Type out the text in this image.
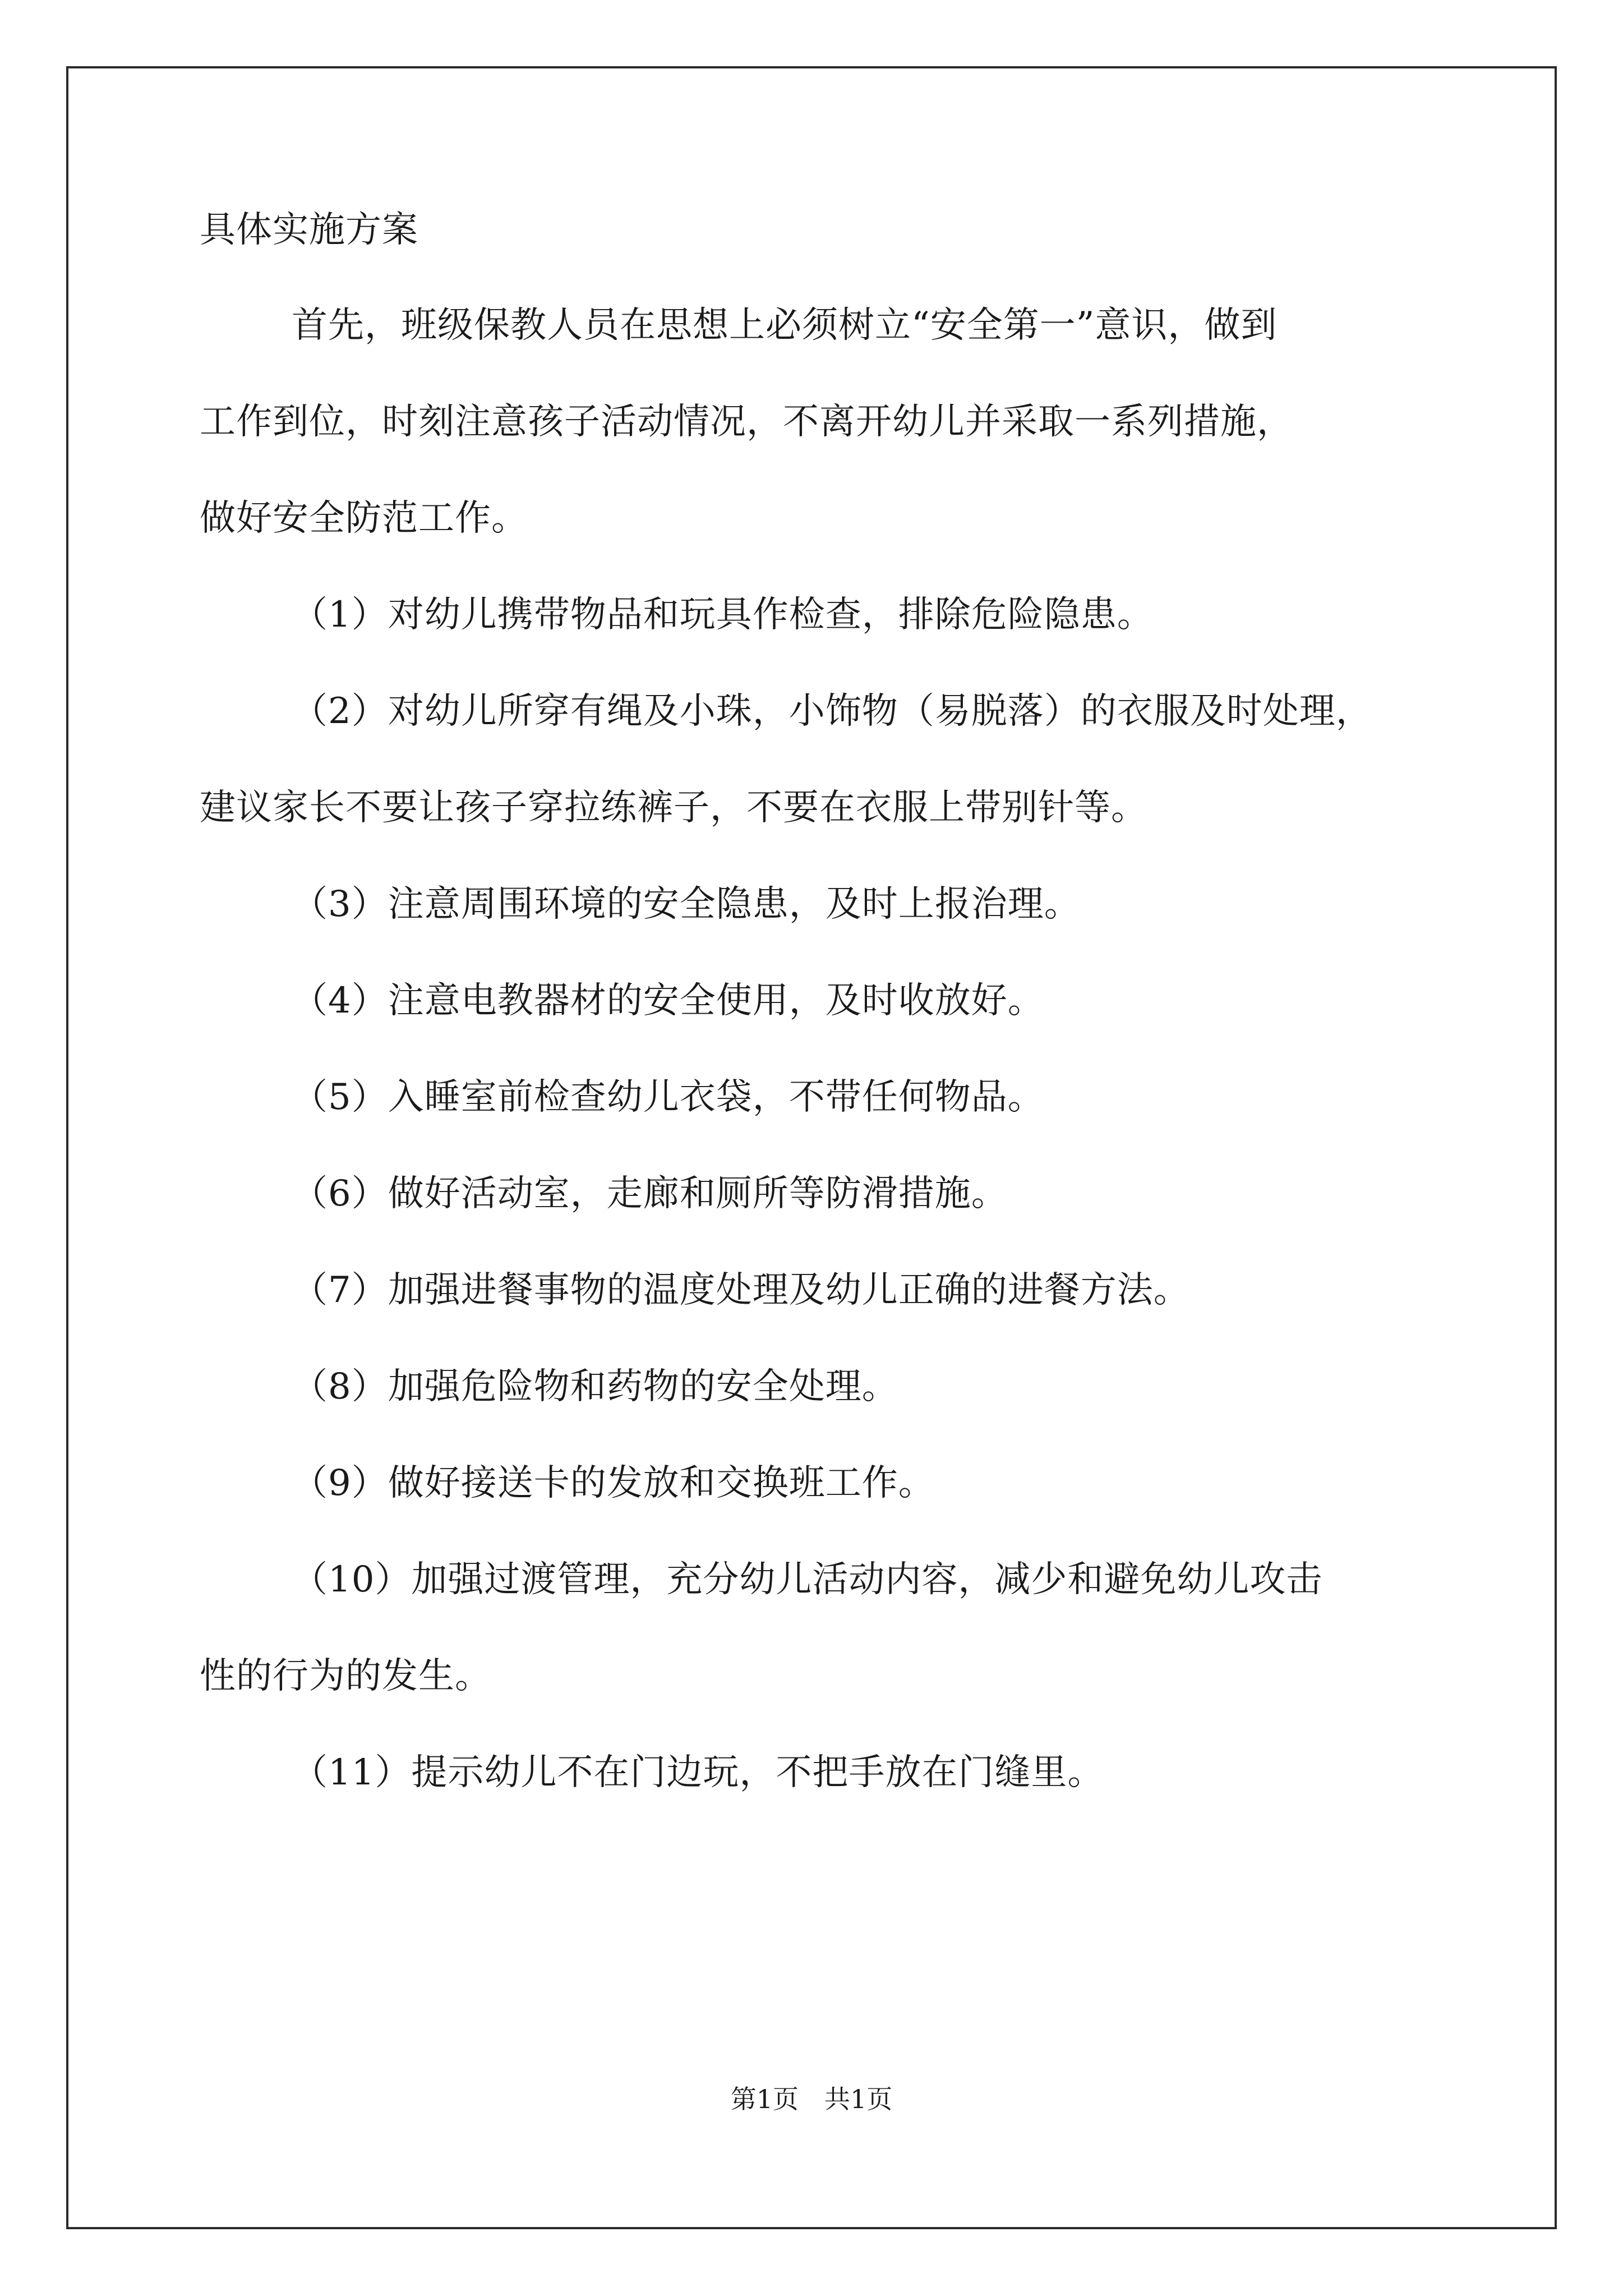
具体实施方案
首先，班级保教人员在思想上必须树立“安全第一”意识，做到
工作到位，时刻注意孩子活动情况，不离开幼儿并采取一系列措施，
做好安全防范工作。
（1）对幼儿携带物品和玩具作检查，排除危险隐患。
（2）对幼儿所穿有绳及小珠，小饰物（易脱落）的衣服及时处理，
建议家长不要让孩子穿拉练裤子，不要在衣服上带别针等。
（3）注意周围环境的安全隐患，及时上报治理。
（4）注意电教器材的安全使用，及时收放好。
（5）入睡室前检查幼儿衣袋，不带任何物品。
（6）做好活动室，走廊和厕所等防滑措施。
（7）加强进餐事物的温度处理及幼儿正确的进餐方法。
（8）加强危险物和药物的安全处理。
（9）做好接送卡的发放和交换班工作。
（10）加强过渡管理，充分幼儿活动内容，减少和避免幼儿攻击
性的行为的发生。
（11）提示幼儿不在门边玩，不把手放在门缝里。
第1页　共1页
